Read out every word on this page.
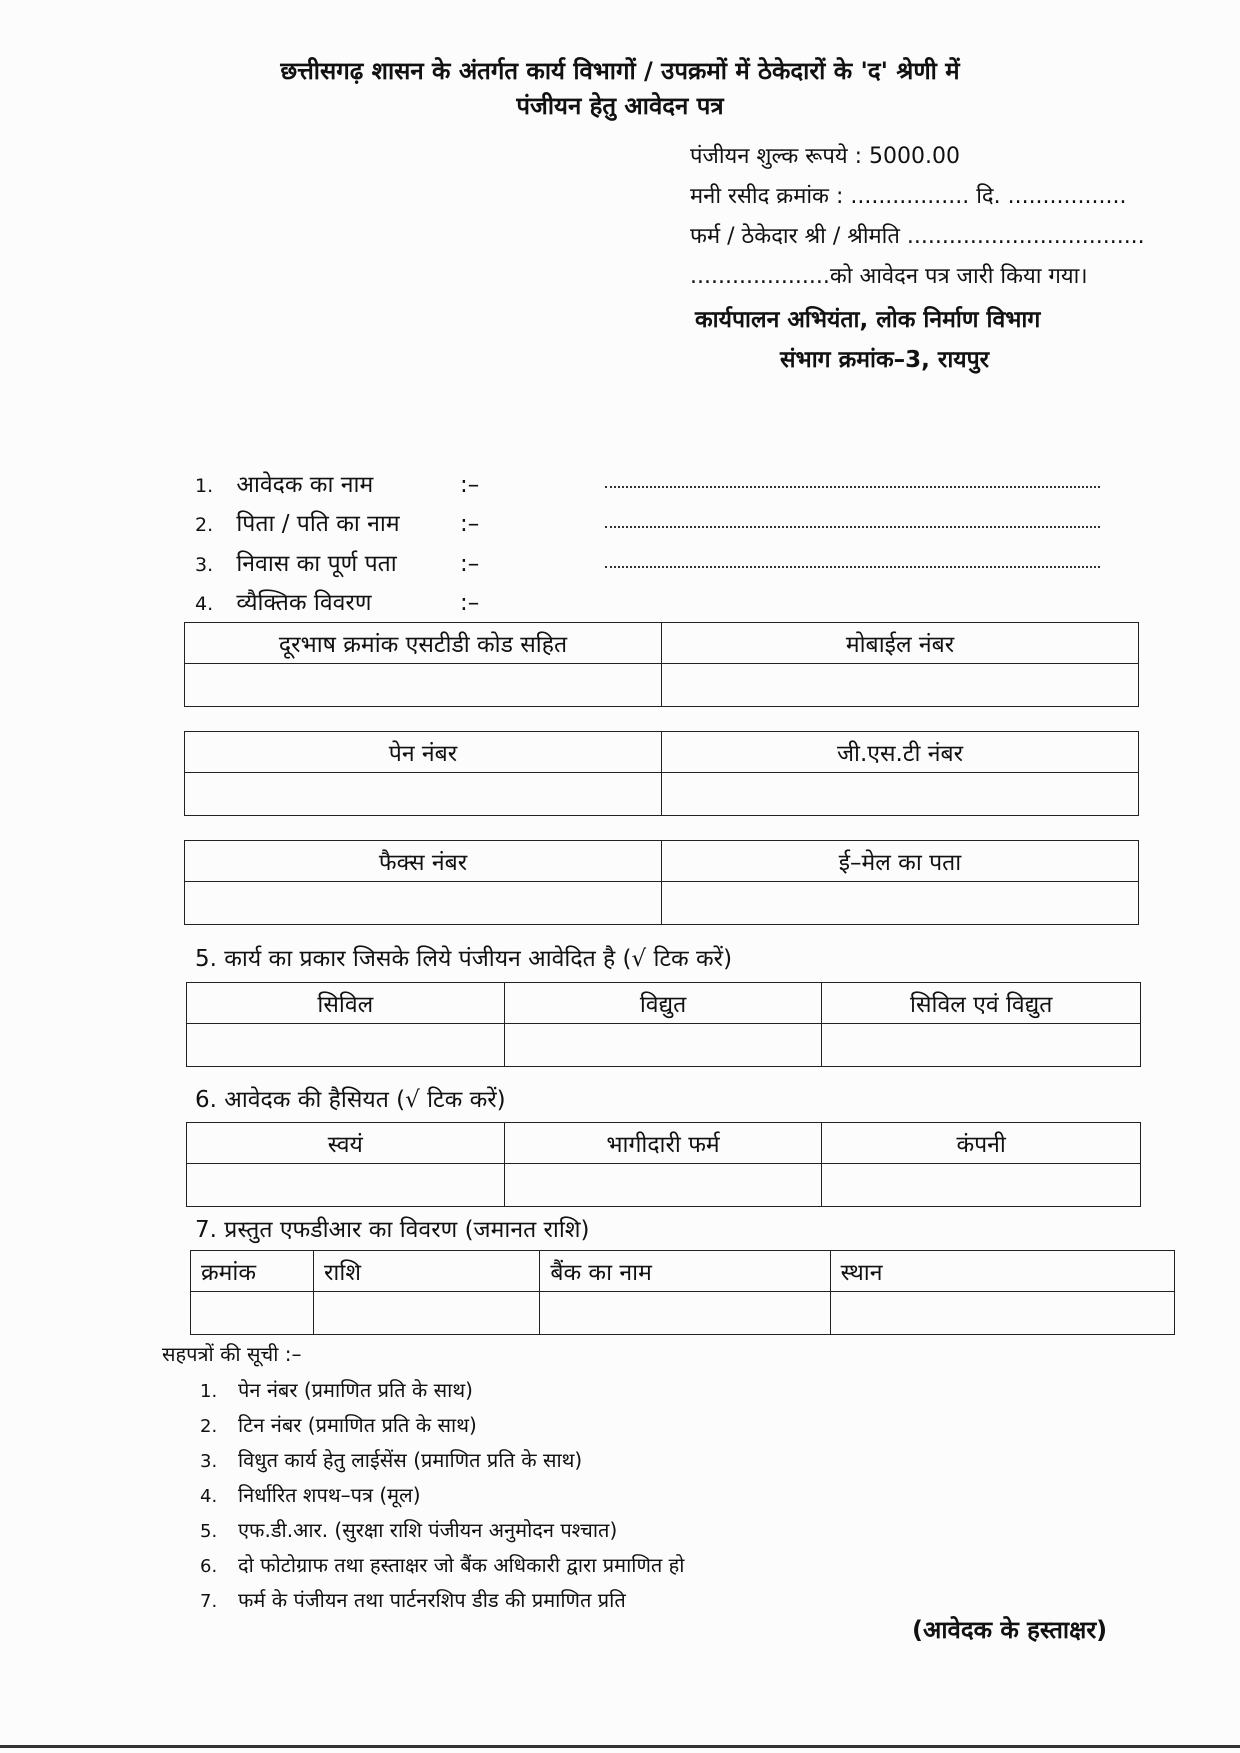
छत्तीसगढ़ शासन के अंतर्गत कार्य विभागों / उपक्रमों में ठेकेदारों के 'द' श्रेणी में
पंजीयन हेतु आवेदन पत्र
पंजीयन शुल्क रूपये : 5000.00
मनी रसीद क्रमांक : ................. दि. .................
फर्म / ठेकेदार श्री / श्रीमति ..................................
....................को आवेदन पत्र जारी किया गया।
कार्यपालन अभियंता, लोक निर्माण विभाग
संभाग क्रमांक–3, रायपुर
1. आवेदक का नाम	:–
2. पिता / पति का नाम	:–
3. निवास का पूर्ण पता	:–
4. व्यैक्तिक विवरण	:–
दूरभाष क्रमांक एसटीडी कोड सहित	मोबाईल नंबर

पेन नंबर	जी.एस.टी नंबर

फैक्स नंबर	ई–मेल का पता

5. कार्य का प्रकार जिसके लिये पंजीयन आवेदित है (√ टिक करें)
सिविल	विद्युत	सिविल एवं विद्युत

6. आवेदक की हैसियत (√ टिक करें)
स्वयं	भागीदारी फर्म	कंपनी

7. प्रस्तुत एफडीआर का विवरण (जमानत राशि)
क्रमांक	राशि	बैंक का नाम	स्थान

सहपत्रों की सूची :–
1. पेन नंबर (प्रमाणित प्रति के साथ)
2. टिन नंबर (प्रमाणित प्रति के साथ)
3. विधुत कार्य हेतु लाईसेंस (प्रमाणित प्रति के साथ)
4. निर्धारित शपथ–पत्र (मूल)
5. एफ.डी.आर. (सुरक्षा राशि पंजीयन अनुमोदन पश्चात)
6. दो फोटोग्राफ तथा हस्ताक्षर जो बैंक अधिकारी द्वारा प्रमाणित हो
7. फर्म के पंजीयन तथा पार्टनरशिप डीड की प्रमाणित प्रति
(आवेदक के हस्ताक्षर)
